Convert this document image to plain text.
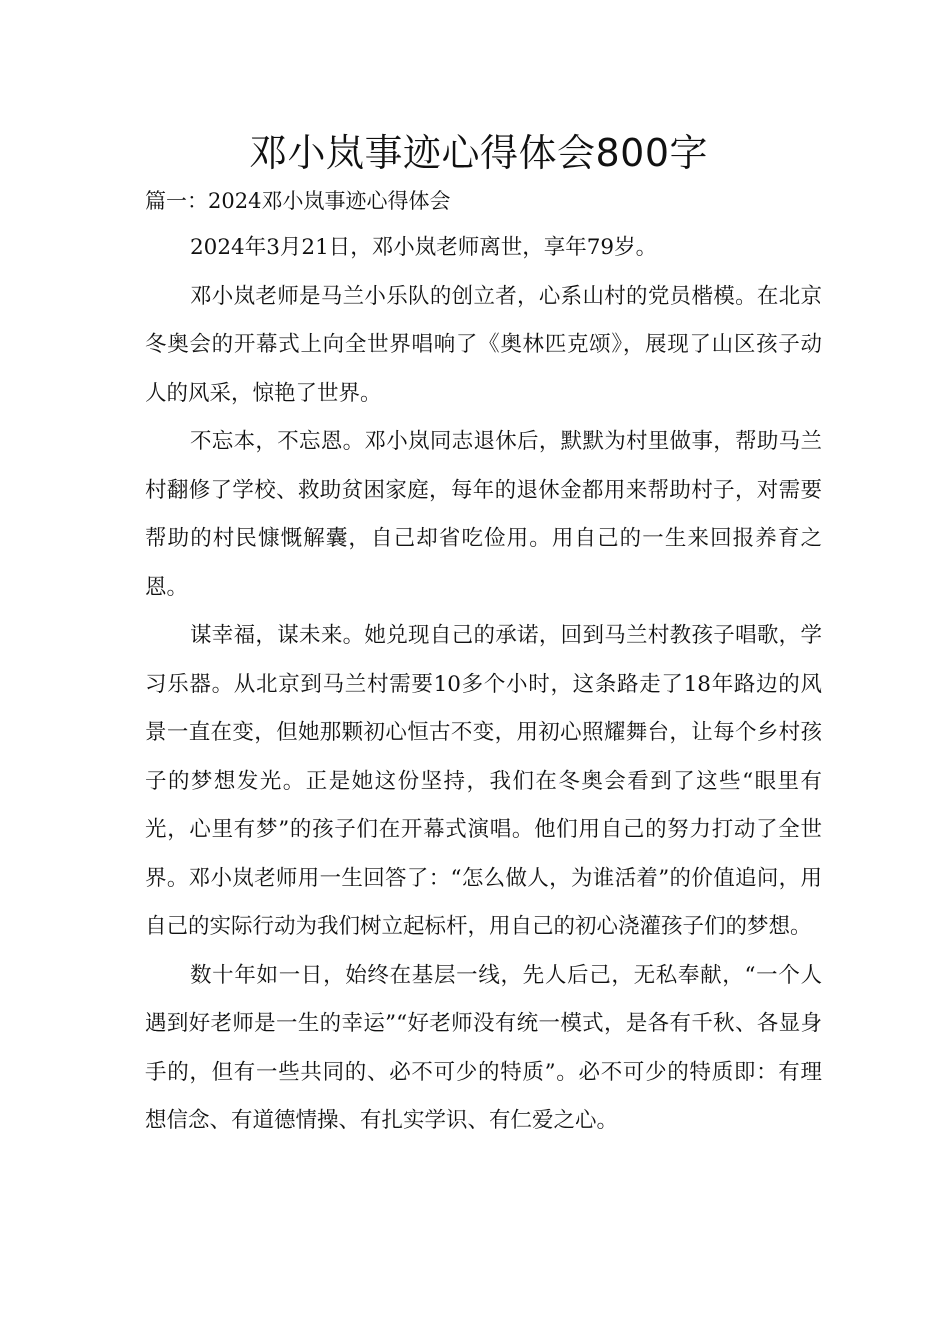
邓小岚事迹心得体会800字
篇一：2024邓小岚事迹心得体会

2024年3月21日，邓小岚老师离世，享年79岁。

邓小岚老师是马兰小乐队的创立者，心系山村的党员楷模。在北京冬奥会的开幕式上向全世界唱响了《奥林匹克颂》，展现了山区孩子动人的风采，惊艳了世界。

不忘本，不忘恩。邓小岚同志退休后，默默为村里做事，帮助马兰村翻修了学校、救助贫困家庭，每年的退休金都用来帮助村子，对需要帮助的村民慷慨解囊，自己却省吃俭用。用自己的一生来回报养育之恩。

谋幸福，谋未来。她兑现自己的承诺，回到马兰村教孩子唱歌，学习乐器。从北京到马兰村需要10多个小时，这条路走了18年路边的风景一直在变，但她那颗初心恒古不变，用初心照耀舞台，让每个乡村孩子的梦想发光。正是她这份坚持，我们在冬奥会看到了这些“眼里有光，心里有梦”的孩子们在开幕式演唱。他们用自己的努力打动了全世界。邓小岚老师用一生回答了：“怎么做人，为谁活着”的价值追问，用自己的实际行动为我们树立起标杆，用自己的初心浇灌孩子们的梦想。

数十年如一日，始终在基层一线，先人后己，无私奉献，“一个人遇到好老师是一生的幸运”“好老师没有统一模式，是各有千秋、各显身手的，但有一些共同的、必不可少的特质”。必不可少的特质即：有理想信念、有道德情操、有扎实学识、有仁爱之心。
